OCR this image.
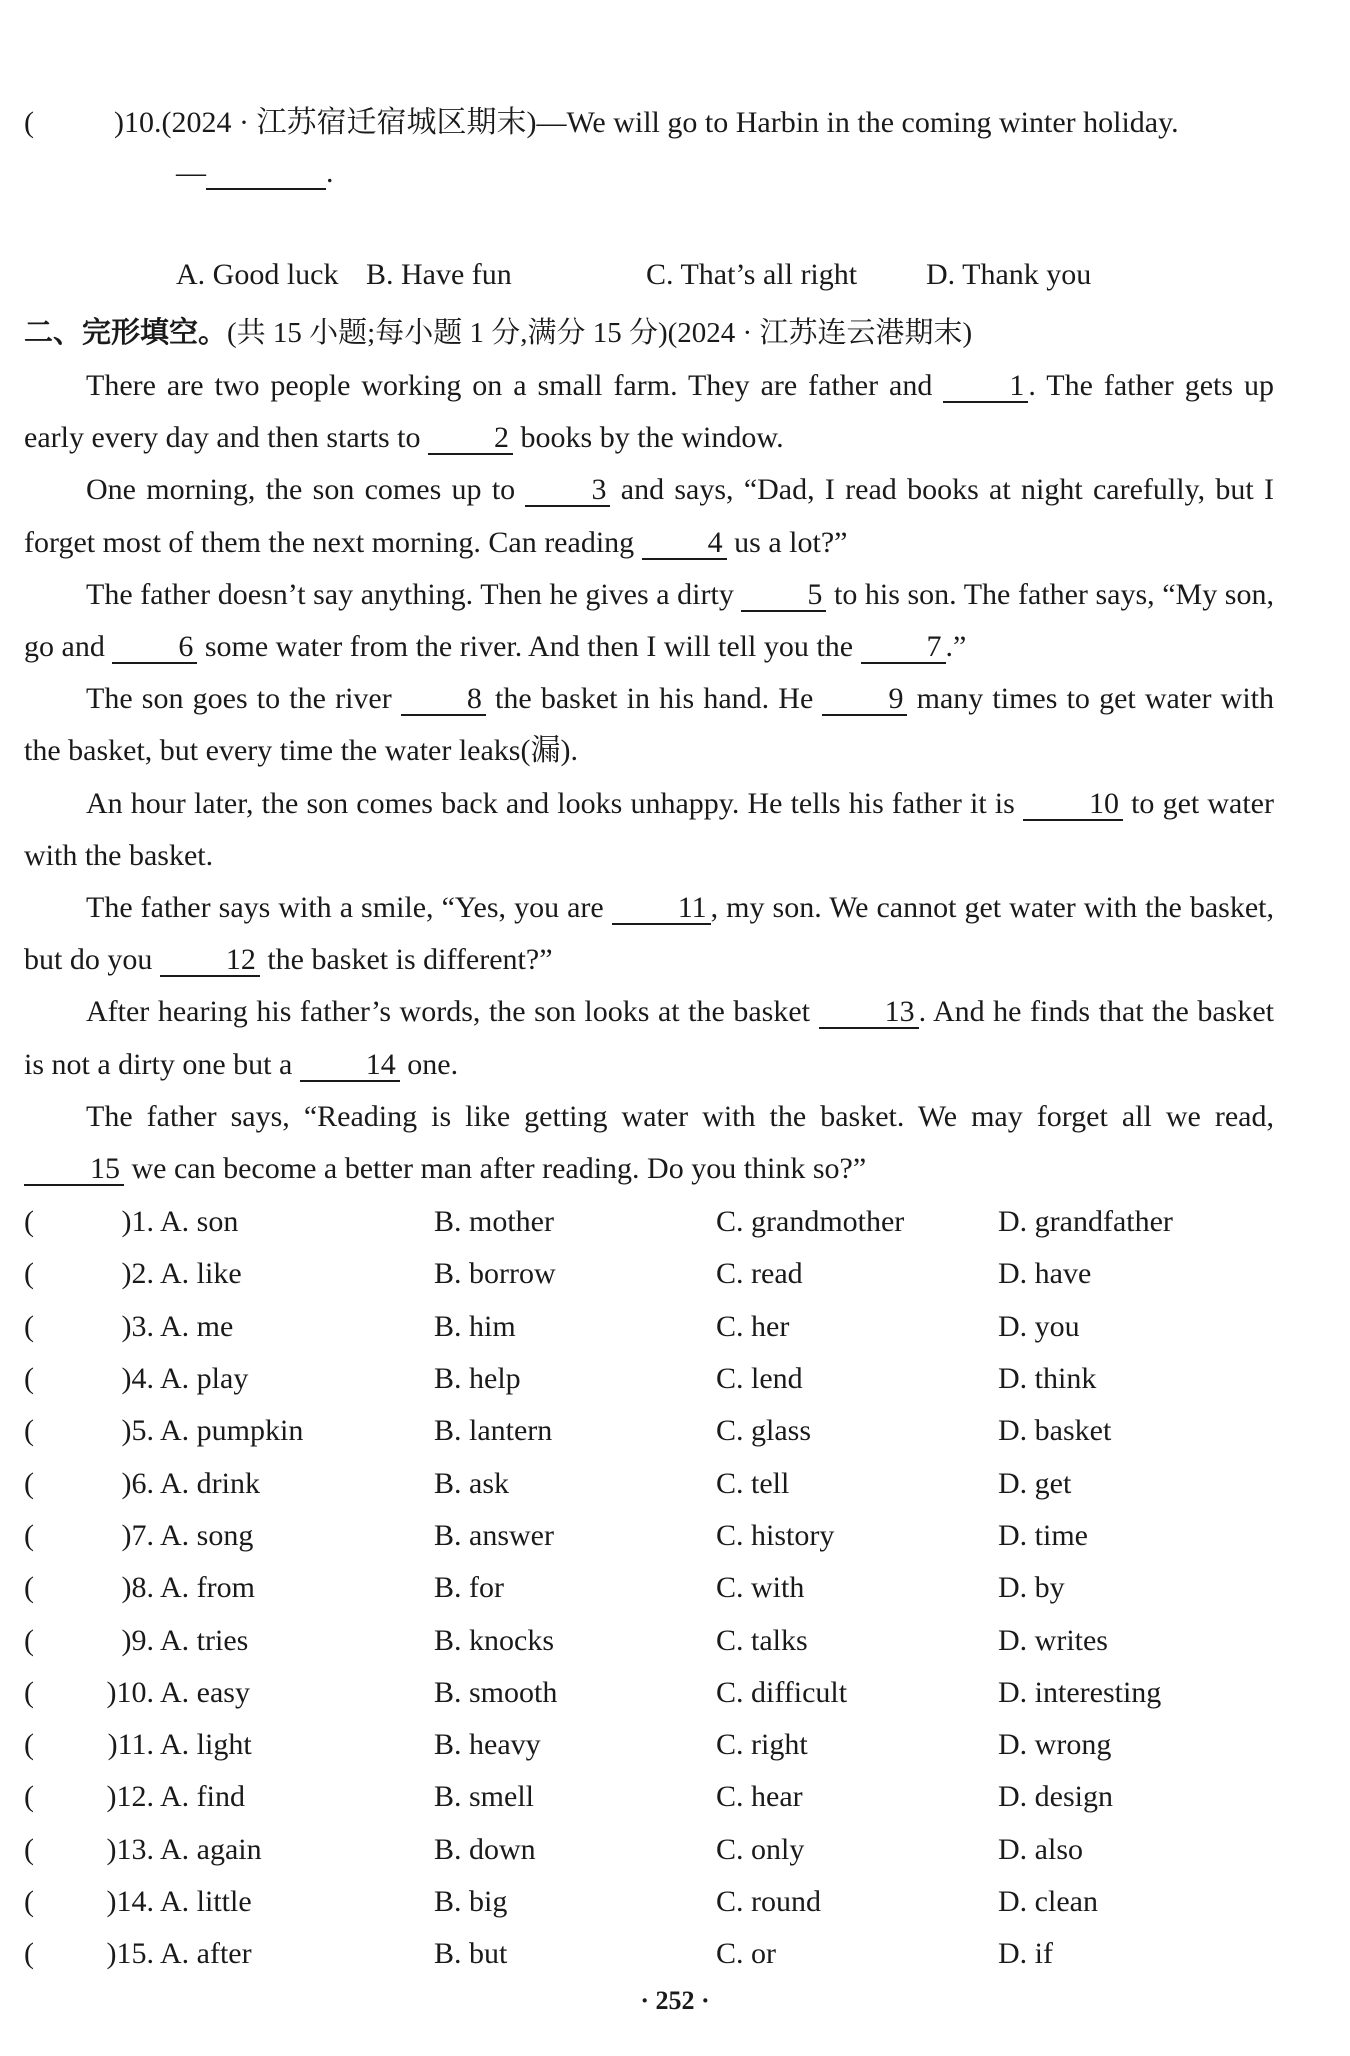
(	)10.(2024 · 江苏宿迁宿城区期末)—We will go to Harbin in the coming winter holiday.
—	.
A. Good luck B. Have fun	C. That’s all right	D. Thank you
二、完形填空。(共 15 小题;每小题 1 分,满分 15 分)(2024 · 江苏连云港期末)

There are two people working on a small farm. They are father and 1 . The father gets up early every day and then starts to 2 books by the window.

One morning, the son comes up to 3 and says, “Dad, I read books at night carefully, but I forget most of them the next morning. Can reading 4 us a lot?”

The father doesn’t say anything. Then he gives a dirty 5 to his son. The father says, “My son, go and 6 some water from the river. And then I will tell you the 7 .”

The son goes to the river 8 the basket in his hand. He 9 many times to get water with the basket, but every time the water leaks(漏).

An hour later, the son comes back and looks unhappy. He tells his father it is 10 to get water with the basket.

The father says with a smile, “Yes, you are 11 , my son. We cannot get water with the basket, but do you 12 the basket is different?”

After hearing his father’s words, the son looks at the basket 13 . And he finds that the basket is not a dirty one but a 14 one.

The father says, “Reading is like getting water with the basket. We may forget all we read, 15 we can become a better man after reading. Do you think so?”

(	)1. A. son	B. mother	C. grandmother	D. grandfather
(	)2. A. like	B. borrow	C. read	D. have
(	)3. A. me	B. him	C. her	D. you
(	)4. A. play	B. help	C. lend	D. think
(	)5. A. pumpkin	B. lantern	C. glass	D. basket
(	)6. A. drink	B. ask	C. tell	D. get
(	)7. A. song	B. answer	C. history	D. time
(	)8. A. from	B. for	C. with	D. by
(	)9. A. tries	B. knocks	C. talks	D. writes
(	)10. A. easy	B. smooth	C. difficult	D. interesting
(	)11. A. light	B. heavy	C. right	D. wrong
(	)12. A. find	B. smell	C. hear	D. design
(	)13. A. again	B. down	C. only	D. also
(	)14. A. little	B. big	C. round	D. clean
(	)15. A. after	B. but	C. or	D. if
· 252 ·
